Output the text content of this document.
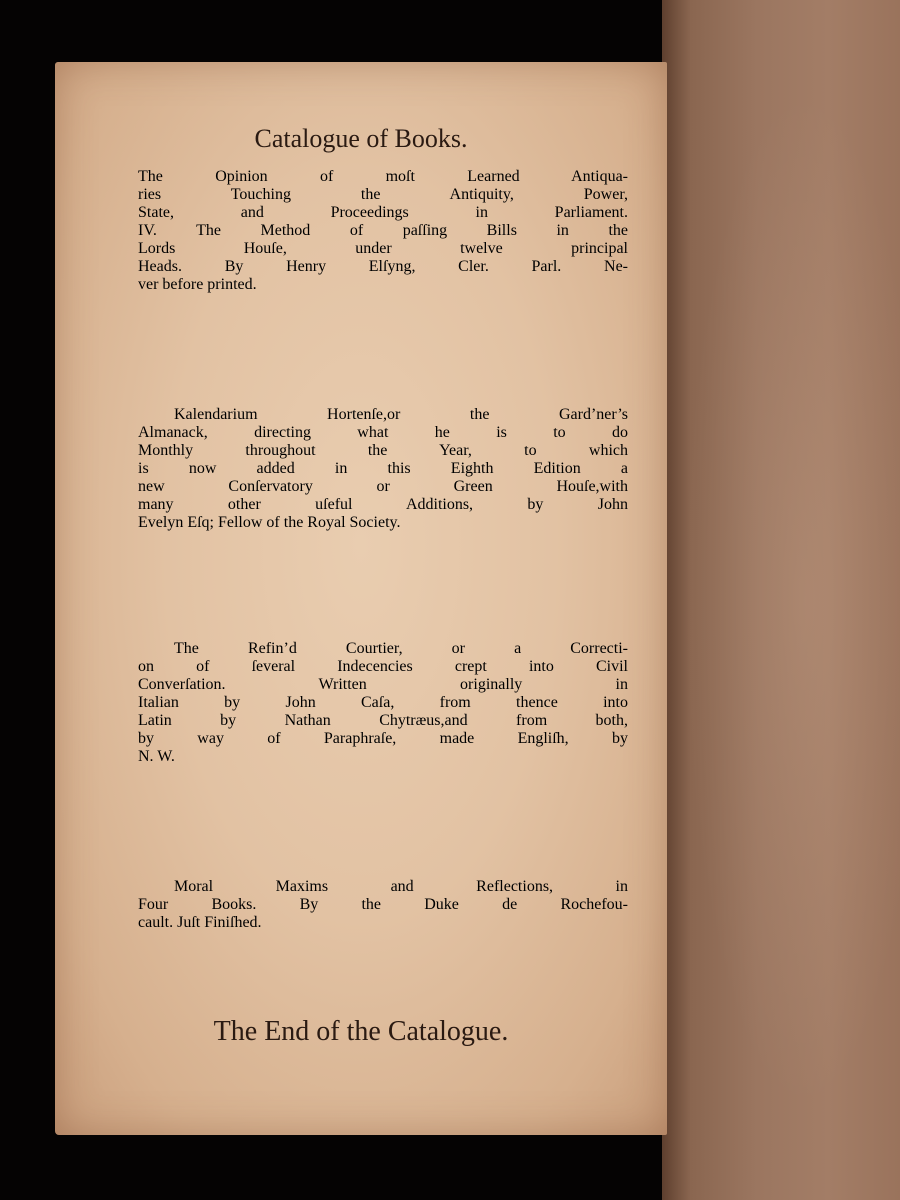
Catalogue of Books.
The Opinion of moſt Learned Antiqua-
ries Touching the Antiquity, Power,
State, and Proceedings in Parliament.
IV. The Method of paſſing Bills in the
Lords Houſe, under twelve principal
Heads. By Henry Elſyng, Cler. Parl. Ne-
ver before printed.
Kalendarium Hortenſe,or the Gard’ner’s
Almanack, directing what he is to do
Monthly throughout the Year, to which
is now added in this Eighth Edition a
new Conſervatory or Green Houſe,with
many other uſeful Additions, by John
Evelyn Eſq; Fellow of the Royal Society.
The Refin’d Courtier, or a Correcti-
on of ſeveral Indecencies crept into Civil
Converſation. Written originally in
Italian by John Caſa, from thence into
Latin by Nathan Chytræus,and from both,
by way of Paraphraſe, made Engliſh, by
N. W.
Moral Maxims and Reflections, in
Four Books. By the Duke de Rochefou-
cault. Juſt Finiſhed.
The End of the Catalogue.
